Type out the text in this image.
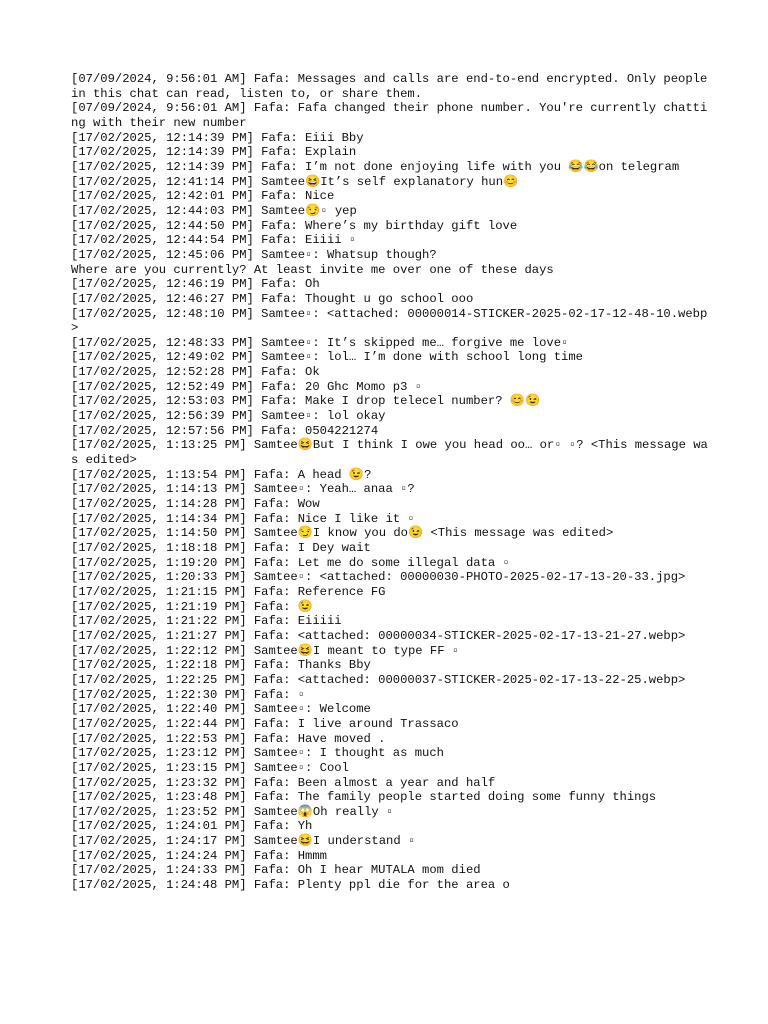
[07/09/2024, 9:56:01 AM] Fafa: Messages and calls are end-to-end encrypted. Only people in this chat can read, listen to, or share them.
[07/09/2024, 9:56:01 AM] Fafa: Fafa changed their phone number. You're currently chatting with their new number
[17/02/2025, 12:14:39 PM] Fafa: Eiii Bby
[17/02/2025, 12:14:39 PM] Fafa: Explain
[17/02/2025, 12:14:39 PM] Fafa: I’m not done enjoying life with you 😂😂on telegram
[17/02/2025, 12:41:14 PM] Samtee😆It’s self explanatory hun😊
[17/02/2025, 12:42:01 PM] Fafa: Nice
[17/02/2025, 12:44:03 PM] Samtee😏▫ yep
[17/02/2025, 12:44:50 PM] Fafa: Where’s my birthday gift love
[17/02/2025, 12:44:54 PM] Fafa: Eiiii ▫
[17/02/2025, 12:45:06 PM] Samtee▫: Whatsup though?
Where are you currently? At least invite me over one of these days
[17/02/2025, 12:46:19 PM] Fafa: Oh
[17/02/2025, 12:46:27 PM] Fafa: Thought u go school ooo
[17/02/2025, 12:48:10 PM] Samtee▫: <attached: 00000014-STICKER-2025-02-17-12-48-10.webp>
[17/02/2025, 12:48:33 PM] Samtee▫: It’s skipped me… forgive me love▫
[17/02/2025, 12:49:02 PM] Samtee▫: lol… I’m done with school long time
[17/02/2025, 12:52:28 PM] Fafa: Ok
[17/02/2025, 12:52:49 PM] Fafa: 20 Ghc Momo p3 ▫
[17/02/2025, 12:53:03 PM] Fafa: Make I drop telecel number? 😊😉
[17/02/2025, 12:56:39 PM] Samtee▫: lol okay
[17/02/2025, 12:57:56 PM] Fafa: 0504221274
[17/02/2025, 1:13:25 PM] Samtee😆But I think I owe you head oo… or▫ ▫? <This message was edited>
[17/02/2025, 1:13:54 PM] Fafa: A head 😉?
[17/02/2025, 1:14:13 PM] Samtee▫: Yeah… anaa ▫?
[17/02/2025, 1:14:28 PM] Fafa: Wow
[17/02/2025, 1:14:34 PM] Fafa: Nice I like it ▫
[17/02/2025, 1:14:50 PM] Samtee😏I know you do😉 <This message was edited>
[17/02/2025, 1:18:18 PM] Fafa: I Dey wait
[17/02/2025, 1:19:20 PM] Fafa: Let me do some illegal data ▫
[17/02/2025, 1:20:33 PM] Samtee▫: <attached: 00000030-PHOTO-2025-02-17-13-20-33.jpg>
[17/02/2025, 1:21:15 PM] Fafa: Reference FG
[17/02/2025, 1:21:19 PM] Fafa: 😉
[17/02/2025, 1:21:22 PM] Fafa: Eiiiii
[17/02/2025, 1:21:27 PM] Fafa: <attached: 00000034-STICKER-2025-02-17-13-21-27.webp>
[17/02/2025, 1:22:12 PM] Samtee😆I meant to type FF ▫
[17/02/2025, 1:22:18 PM] Fafa: Thanks Bby
[17/02/2025, 1:22:25 PM] Fafa: <attached: 00000037-STICKER-2025-02-17-13-22-25.webp>
[17/02/2025, 1:22:30 PM] Fafa: ▫
[17/02/2025, 1:22:40 PM] Samtee▫: Welcome
[17/02/2025, 1:22:44 PM] Fafa: I live around Trassaco
[17/02/2025, 1:22:53 PM] Fafa: Have moved .
[17/02/2025, 1:23:12 PM] Samtee▫: I thought as much
[17/02/2025, 1:23:15 PM] Samtee▫: Cool
[17/02/2025, 1:23:32 PM] Fafa: Been almost a year and half
[17/02/2025, 1:23:48 PM] Fafa: The family people started doing some funny things
[17/02/2025, 1:23:52 PM] Samtee😱Oh really ▫
[17/02/2025, 1:24:01 PM] Fafa: Yh
[17/02/2025, 1:24:17 PM] Samtee😆I understand ▫
[17/02/2025, 1:24:24 PM] Fafa: Hmmm
[17/02/2025, 1:24:33 PM] Fafa: Oh I hear MUTALA mom died
[17/02/2025, 1:24:48 PM] Fafa: Plenty ppl die for the area o
